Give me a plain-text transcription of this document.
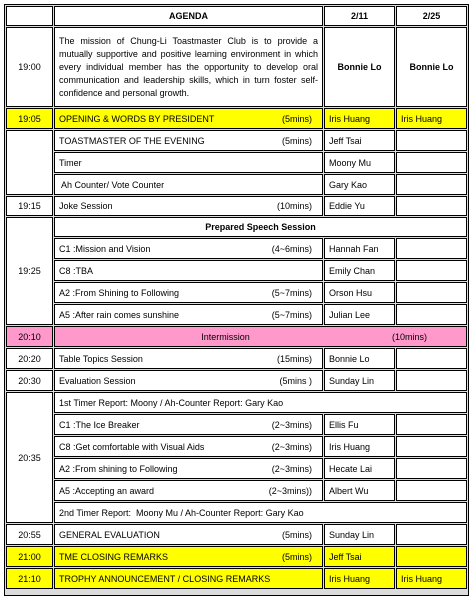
	AGENDA	2/11	2/25
19:00	The mission of Chung-Li Toastmaster Club is to provide a mutually supportive and positive learning environment in which every individual member has the opportunity to develop oral communication and leadership skills, which in turn foster self-confidence and personal growth.	Bonnie Lo	Bonnie Lo
19:05	OPENING & WORDS BY PRESIDENT (5mins)	Iris Huang	Iris Huang

	TOASTMASTER OF THE EVENING (5mins)	Jeff Tsai	

	Timer	Moony Mu	

	Ah Counter/ Vote Counter	Gary Kao	
19:15	Joke Session (10mins)	Eddie Yu	
19:25	Prepared Speech Session		

	C1 :Mission and Vision (4~6mins)	Hannah Fan	

	C8 :TBA	Emily Chan	

	A2 :From Shining to Following (5~7mins)	Orson Hsu	

	A5 :After rain comes sunshine (5~7mins)	Julian Lee	
20:10	Intermission (10mins)		

20:20	Table Topics Session (15mins)	Bonnie Lo	
20:30	Evaluation Session (5mins )	Sunday Lin	
20:35	1st Timer Report: Moony / Ah-Counter Report: Gary Kao		

	C1 :The Ice Breaker (2~3mins)	Ellis Fu	

	C8 :Get comfortable with Visual Aids (2~3mins)	Iris Huang	

	A2 :From shining to Following (2~3mins)	Hecate Lai	

	A5 :Accepting an award (2~3mins))	Albert Wu	
	2nd Timer Report:  Moony Mu / Ah-Counter Report: Gary Kao		
20:55	GENERAL EVALUATION (5mins)	Sunday Lin	
21:00	TME CLOSING REMARKS (5mins)	Jeff Tsai	
21:10	TROPHY ANNOUNCEMENT / CLOSING REMARKS	Iris Huang	Iris Huang
